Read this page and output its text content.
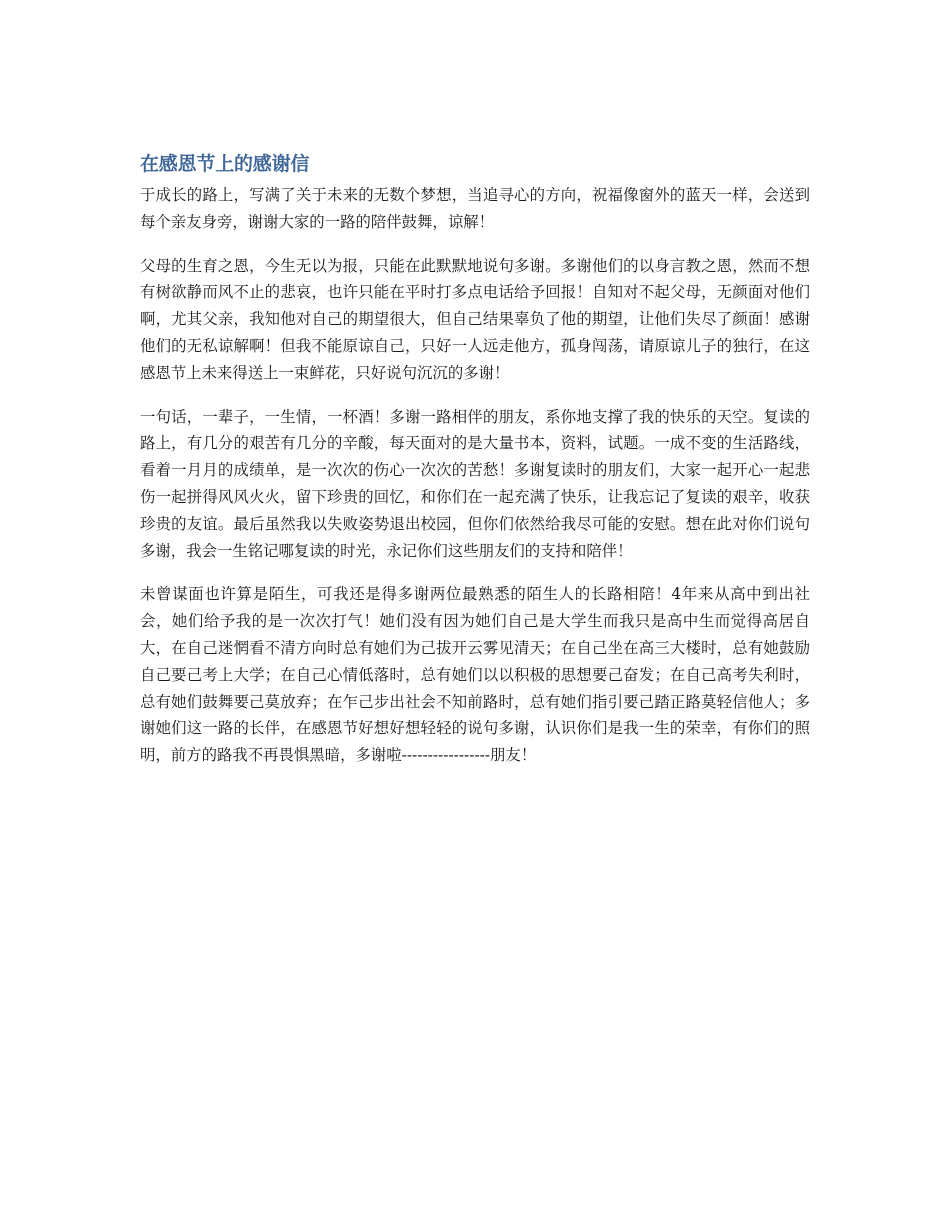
在感恩节上的感谢信

于成长的路上，写满了关于未来的无数个梦想，当追寻心的方向，祝福像窗外的蓝天一样，会送到每个亲友身旁，谢谢大家的一路的陪伴鼓舞，谅解！

父母的生育之恩，今生无以为报，只能在此默默地说句多谢。多谢他们的以身言教之恩，然而不想有树欲静而风不止的悲哀，也许只能在平时打多点电话给予回报！自知对不起父母，无颜面对他们啊，尤其父亲，我知他对自己的期望很大，但自己结果辜负了他的期望，让他们失尽了颜面！感谢他们的无私谅解啊！但我不能原谅自己，只好一人远走他方，孤身闯荡，请原谅儿子的独行，在这感恩节上未来得送上一束鲜花，只好说句沉沉的多谢！

一句话，一辈子，一生情，一杯酒！多谢一路相伴的朋友，系你地支撑了我的快乐的天空。复读的路上，有几分的艰苦有几分的辛酸，每天面对的是大量书本，资料，试题。一成不变的生活路线，看着一月月的成绩单，是一次次的伤心一次次的苦愁！多谢复读时的朋友们，大家一起开心一起悲伤一起拼得风风火火，留下珍贵的回忆，和你们在一起充满了快乐，让我忘记了复读的艰辛，收获珍贵的友谊。最后虽然我以失败姿势退出校园，但你们依然给我尽可能的安慰。想在此对你们说句多谢，我会一生铭记哪复读的时光，永记你们这些朋友们的支持和陪伴！

未曾谋面也许算是陌生，可我还是得多谢两位最熟悉的陌生人的长路相陪！4年来从高中到出社会，她们给予我的是一次次打气！她们没有因为她们自己是大学生而我只是高中生而觉得高居自大，在自己迷惘看不清方向时总有她们为己拔开云雾见清天；在自己坐在高三大楼时，总有她鼓励自己要己考上大学；在自己心情低落时，总有她们以以积极的思想要己奋发；在自己高考失利时，总有她们鼓舞要己莫放弃；在乍己步出社会不知前路时，总有她们指引要己踏正路莫轻信他人；多谢她们这一路的长伴，在感恩节好想好想轻轻的说句多谢，认识你们是我一生的荣幸，有你们的照明，前方的路我不再畏惧黑暗，多谢啦-----------------朋友！
